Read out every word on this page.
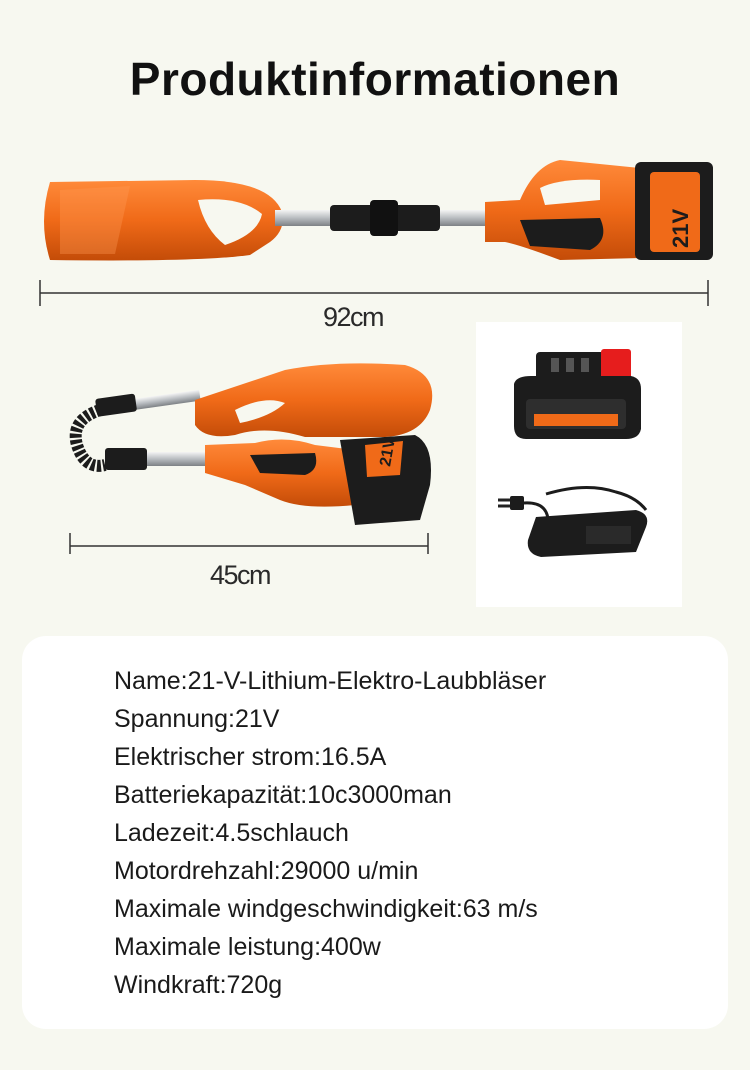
Produktinformationen
21V
92cm
21V
45cm
Name:21-V-Lithium-Elektro-Laubbläser
Spannung:21V
Elektrischer strom:16.5A
Batteriekapazität:10c3000man
Ladezeit:4.5schlauch
Motordrehzahl:29000 u/min
Maximale windgeschwindigkeit:63 m/s
Maximale leistung:400w
Windkraft:720g
